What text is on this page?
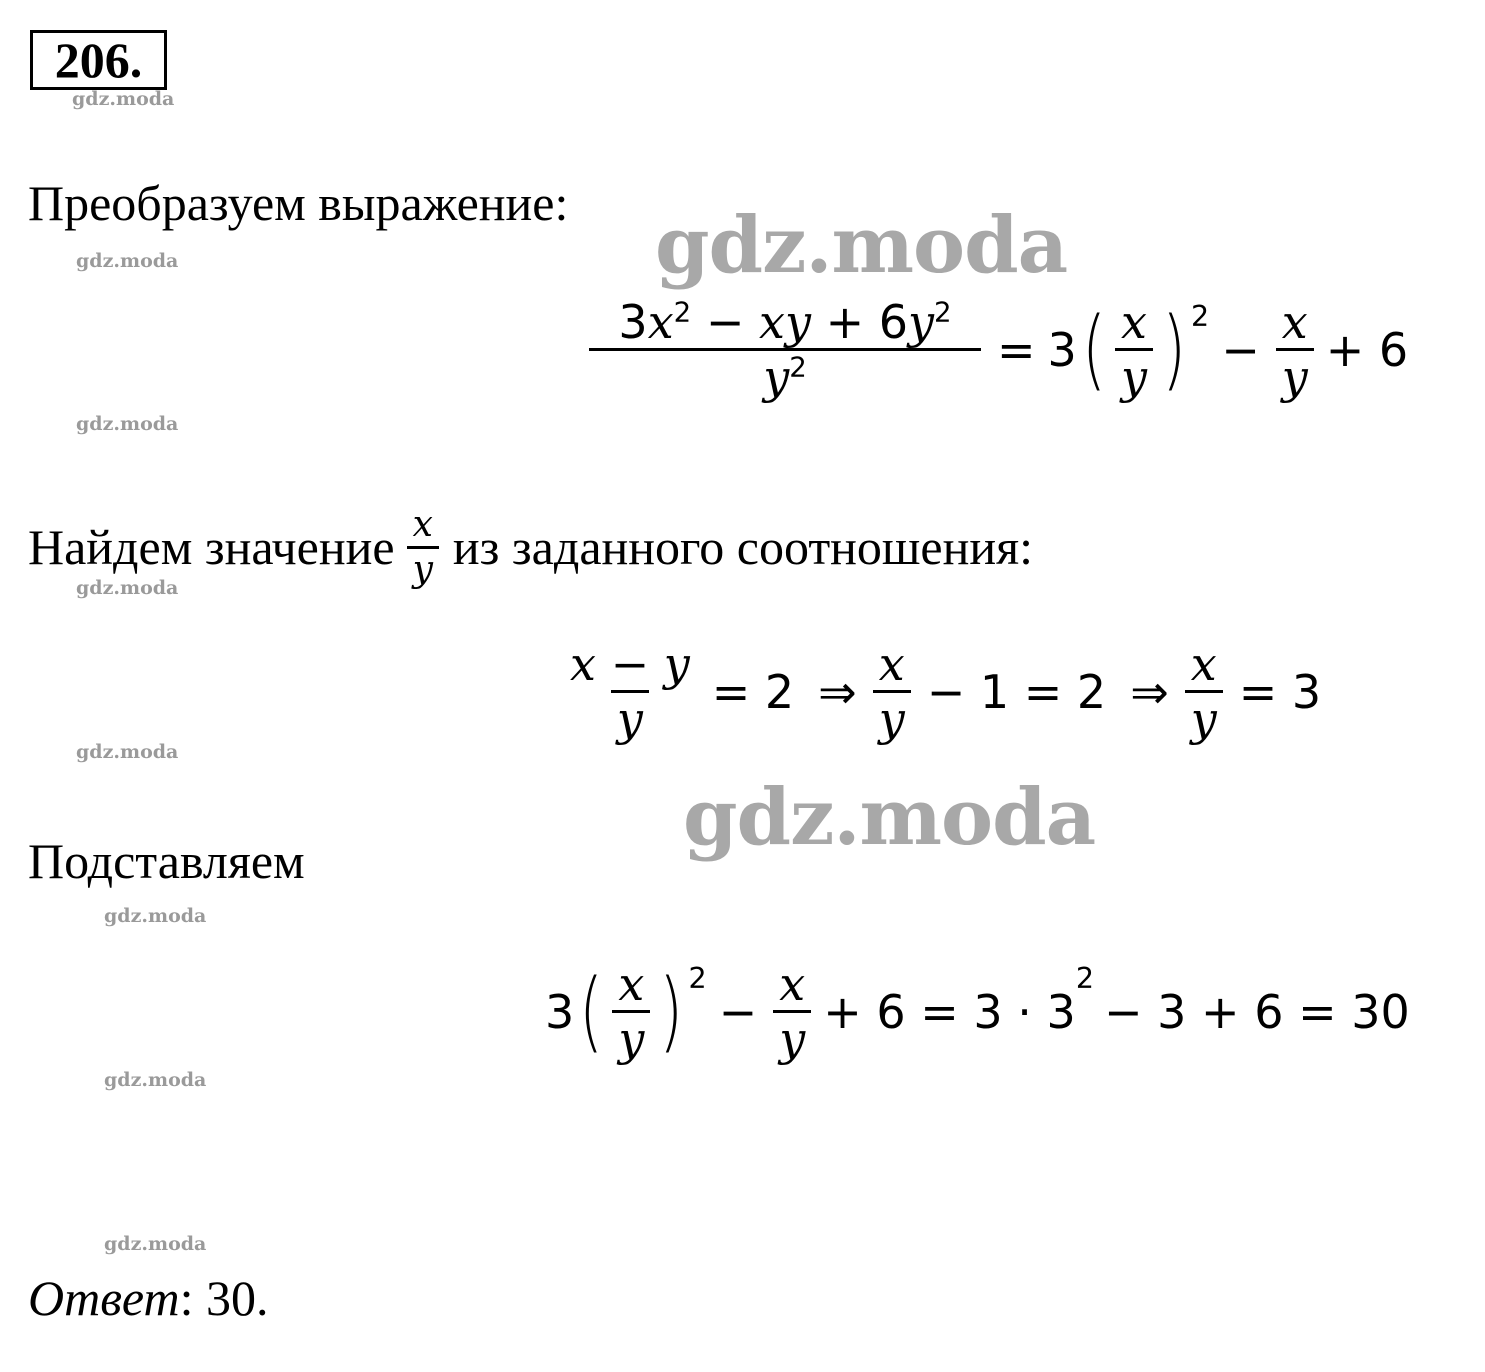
206.
gdz.moda
gdz.moda
gdz.moda
gdz.moda
gdz.moda
gdz.moda
gdz.moda
gdz.moda
gdz.moda
gdz.moda
Преобразуем выражение:
$\frac{3x^2 - xy + 6y^2}{y^2} = 3$ ( $\frac{x}{y}$ ) 2
− $\frac{x}{y} + 6$
Найдем значение $\frac{x}{y}$ из заданного соотношения:
$\frac{x - y}{y} = 2$ ⇒ $\frac{x}{y} - 1 = 2$ ⇒ $\frac{x}{y} = 3$
Подставляем
3 ( $\frac{x}{y}$ ) 2
− $\frac{x}{y} + 6 = 3 \cdot 3$
2
− 3 + 6 = 30
Ответ: 30.
